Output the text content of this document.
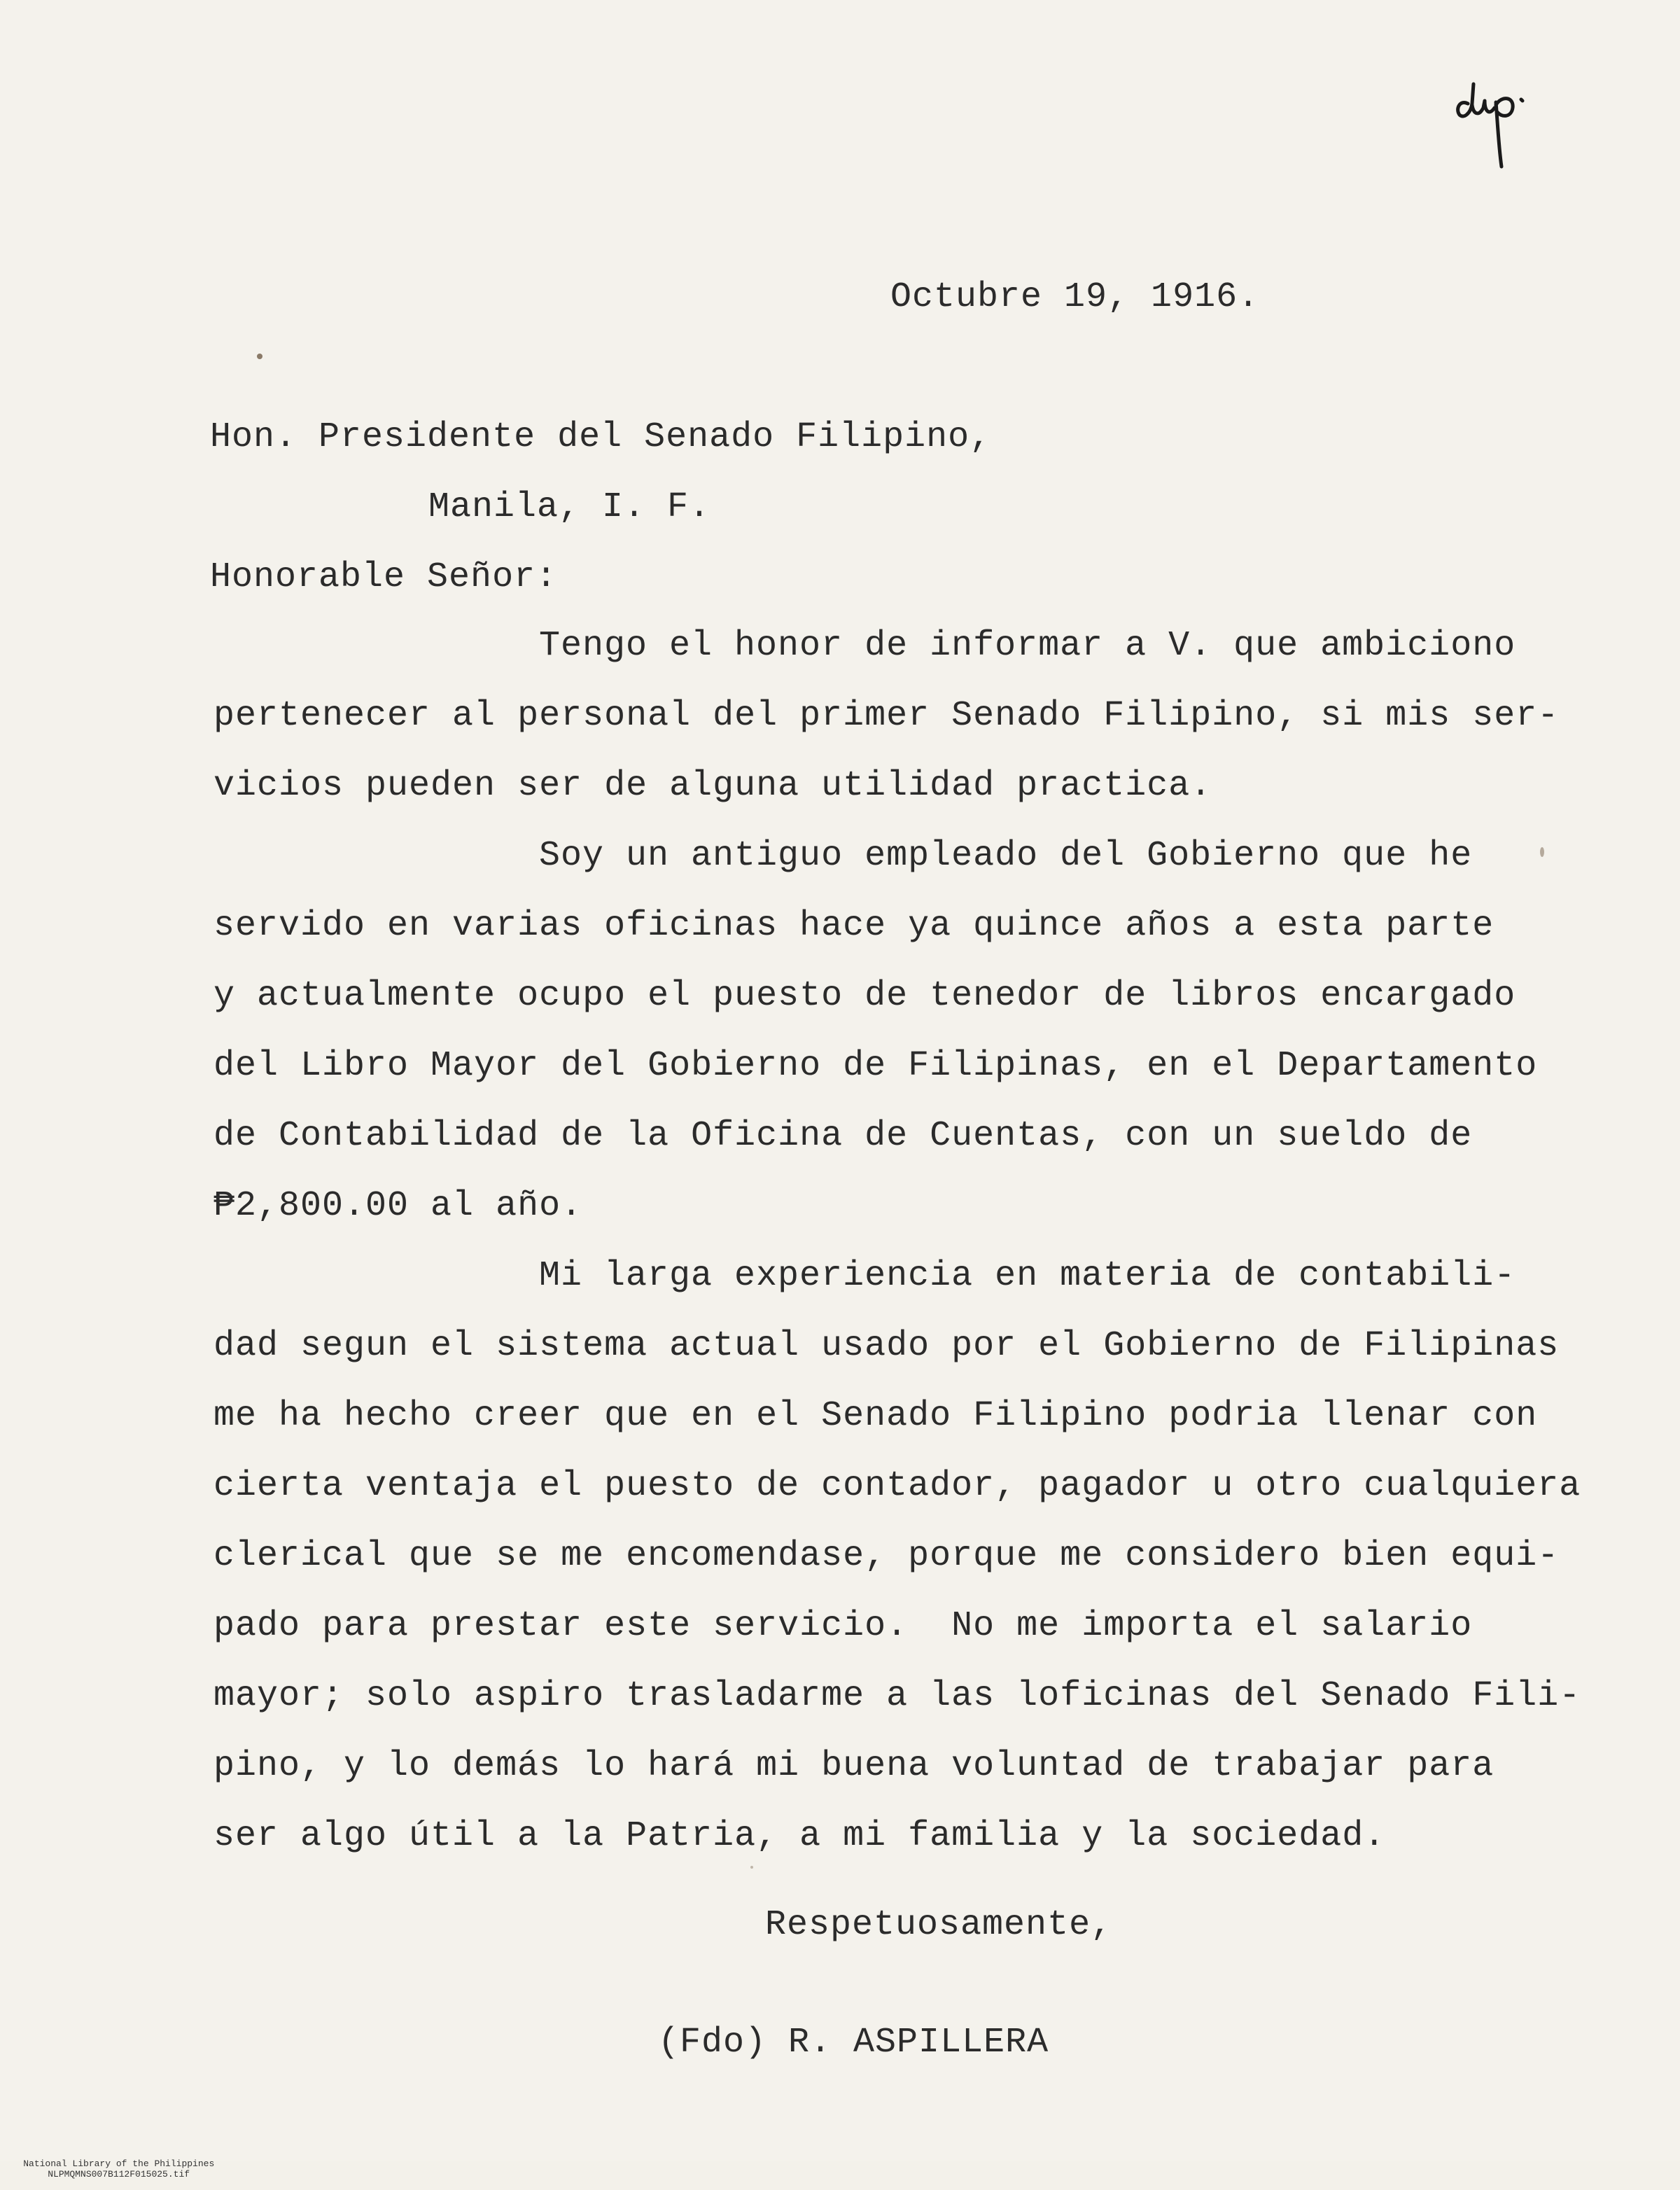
Octubre 19, 1916.
Hon. Presidente del Senado Filipino,
Manila, I. F.
Honorable Señor:
Tengo el honor de informar a V. que ambiciono
pertenecer al personal del primer Senado Filipino, si mis ser-
vicios pueden ser de alguna utilidad practica.
Soy un antiguo empleado del Gobierno que he
servido en varias oficinas hace ya quince años a esta parte
y actualmente ocupo el puesto de tenedor de libros encargado
del Libro Mayor del Gobierno de Filipinas, en el Departamento
de Contabilidad de la Oficina de Cuentas, con un sueldo de
₱2,800.00 al año.
Mi larga experiencia en materia de contabili-
dad segun el sistema actual usado por el Gobierno de Filipinas
me ha hecho creer que en el Senado Filipino podria llenar con
cierta ventaja el puesto de contador, pagador u otro cualquiera
clerical que se me encomendase, porque me considero bien equi-
pado para prestar este servicio.  No me importa el salario
mayor; solo aspiro trasladarme a las loficinas del Senado Fili-
pino, y lo demás lo hará mi buena voluntad de trabajar para
ser algo útil a la Patria, a mi familia y la sociedad.
Respetuosamente,
(Fdo) R. ASPILLERA

National Library of the Philippines
NLPMQMNS007B112F015025.tif
